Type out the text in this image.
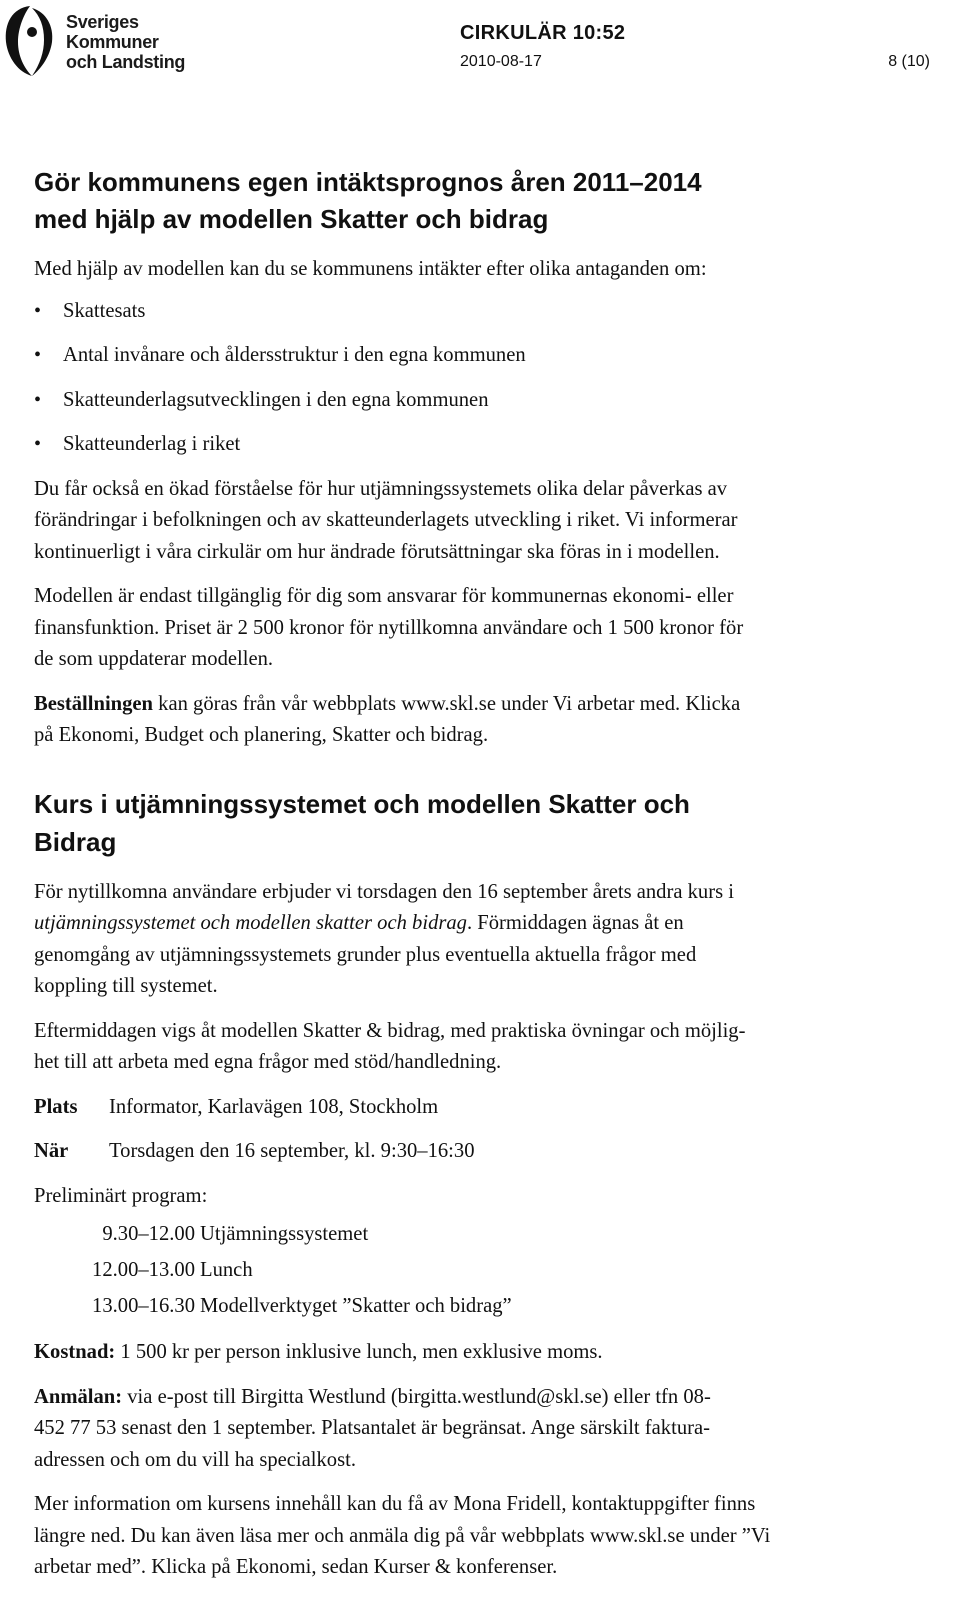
Sveriges
Kommuner
och Landsting
CIRKULÄR 10:52
2010-08-17	8 (10)
Gör kommunens egen intäktsprognos åren 2011–2014
med hjälp av modellen Skatter och bidrag

Med hjälp av modellen kan du se kommunens intäkter efter olika antaganden om:

• Skattesats
• Antal invånare och åldersstruktur i den egna kommunen
• Skatteunderlagsutvecklingen i den egna kommunen
• Skatteunderlag i riket

Du får också en ökad förståelse för hur utjämningssystemets olika delar påverkas av

förändringar i befolkningen och av skatteunderlagets utveckling i riket. Vi informerar

kontinuerligt i våra cirkulär om hur ändrade förutsättningar ska föras in i modellen.

Modellen är endast tillgänglig för dig som ansvarar för kommunernas ekonomi- eller

finansfunktion. Priset är 2 500 kronor för nytillkomna användare och 1 500 kronor för

de som uppdaterar modellen.

Beställningen kan göras från vår webbplats www.skl.se under Vi arbetar med. Klicka

på Ekonomi, Budget och planering, Skatter och bidrag.

Kurs i utjämningssystemet och modellen Skatter och
Bidrag

För nytillkomna användare erbjuder vi torsdagen den 16 september årets andra kurs i

utjämningssystemet och modellen skatter och bidrag. Förmiddagen ägnas åt en

genomgång av utjämningssystemets grunder plus eventuella aktuella frågor med

koppling till systemet.

Eftermiddagen vigs åt modellen Skatter & bidrag, med praktiska övningar och möjlig-

het till att arbeta med egna frågor med stöd/handledning.

Plats	Informator, Karlavägen 108, Stockholm
När	Torsdagen den 16 september, kl. 9:30–16:30

Preliminärt program:

9.30–12.00 Utjämningssystemet
12.00–13.00 Lunch
13.00–16.30 Modellverktyget ”Skatter och bidrag”

Kostnad: 1 500 kr per person inklusive lunch, men exklusive moms.

Anmälan: via e-post till Birgitta Westlund (birgitta.westlund@skl.se) eller tfn 08-

452 77 53 senast den 1 september. Platsantalet är begränsat. Ange särskilt faktura-

adressen och om du vill ha specialkost.

Mer information om kursens innehåll kan du få av Mona Fridell, kontaktuppgifter finns

längre ned. Du kan även läsa mer och anmäla dig på vår webbplats www.skl.se under ”Vi

arbetar med”. Klicka på Ekonomi, sedan Kurser & konferenser.
